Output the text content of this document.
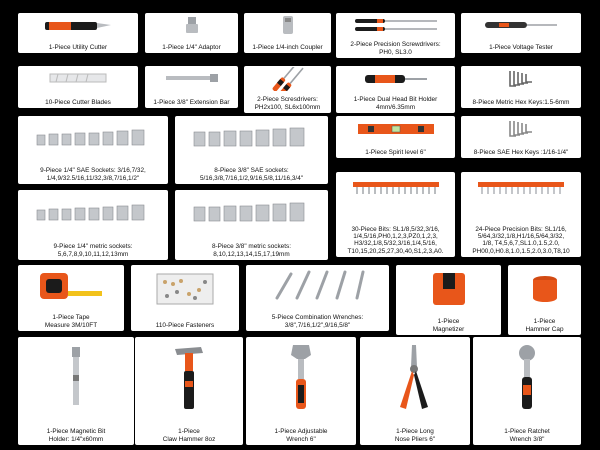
1-Piece Utility Cutter	1-Piece 1/4" Adaptor	1-Piece 1/4-inch Coupler	2-Piece Precision Screwdrivers:
PH0, SL3.0
1-Piece Voltage Tester
10-Piece Cutter Blades	1-Piece 3/8" Extension Bar	2-Piece Scresdrivers:
PH2x100, SL6x100mm
1-Piece Dual Head Bit Holder
4mm/6.35mm
8-Piece Metric Hex Keys:1.5-6mm
9-Piece 1/4" SAE Sockets: 3/16,7/32,
1/4,9/32.5/16,11/32,3/8,7/16,1/2"
8-Piece 3/8" SAE sockets:
5/16,3/8,7/16,1/2,9/16,5/8,11/16,3/4"
1-Piece Spirit level 6"	8-Piece SAE Hex Keys :1/16-1/4"
9-Piece 1/4" metric sockets:
5,6,7,8,9,10,11,12,13mm
8-Piece 3/8" metric sockets:
8,10,12,13,14,15,17,19mm
30-Piece Bits: SL1/8,5/32,3/16,
1/4,5/16,PH0,1,2,3,PZ0,1,2,3,
H3/32,1/8,5/32,3/16,1/4,5/16,
T10,15,20,25,27,30,40,S1,2,3,A0.
24-Piece Precision Bits: SL1/16,
5/64,3/32,1/8,H1/16,5/64,3/32,
1/8, T4,5,6,7,SL1.0,1.5,2.0,
PH00,0,H0.8,1.0,1.5,2.0,3.0,T8,10
1-Piece Tape
Measure 3M/10FT	110-Piece Fasteners
5-Piece Combination Wrenches:
3/8",7/16,1/2",9/16,5/8"	1-Piece
Magnetizer
1-Piece
Hammer Cap
1-Piece Magnetic Bit
Holder: 1/4"x60mm
1-Piece
Claw Hammer 8oz
1-Piece Adjustable
Wrench 6"
1-Piece Long
Nose Pliers 6"
1-Piece Ratchet
Wrench 3/8"
